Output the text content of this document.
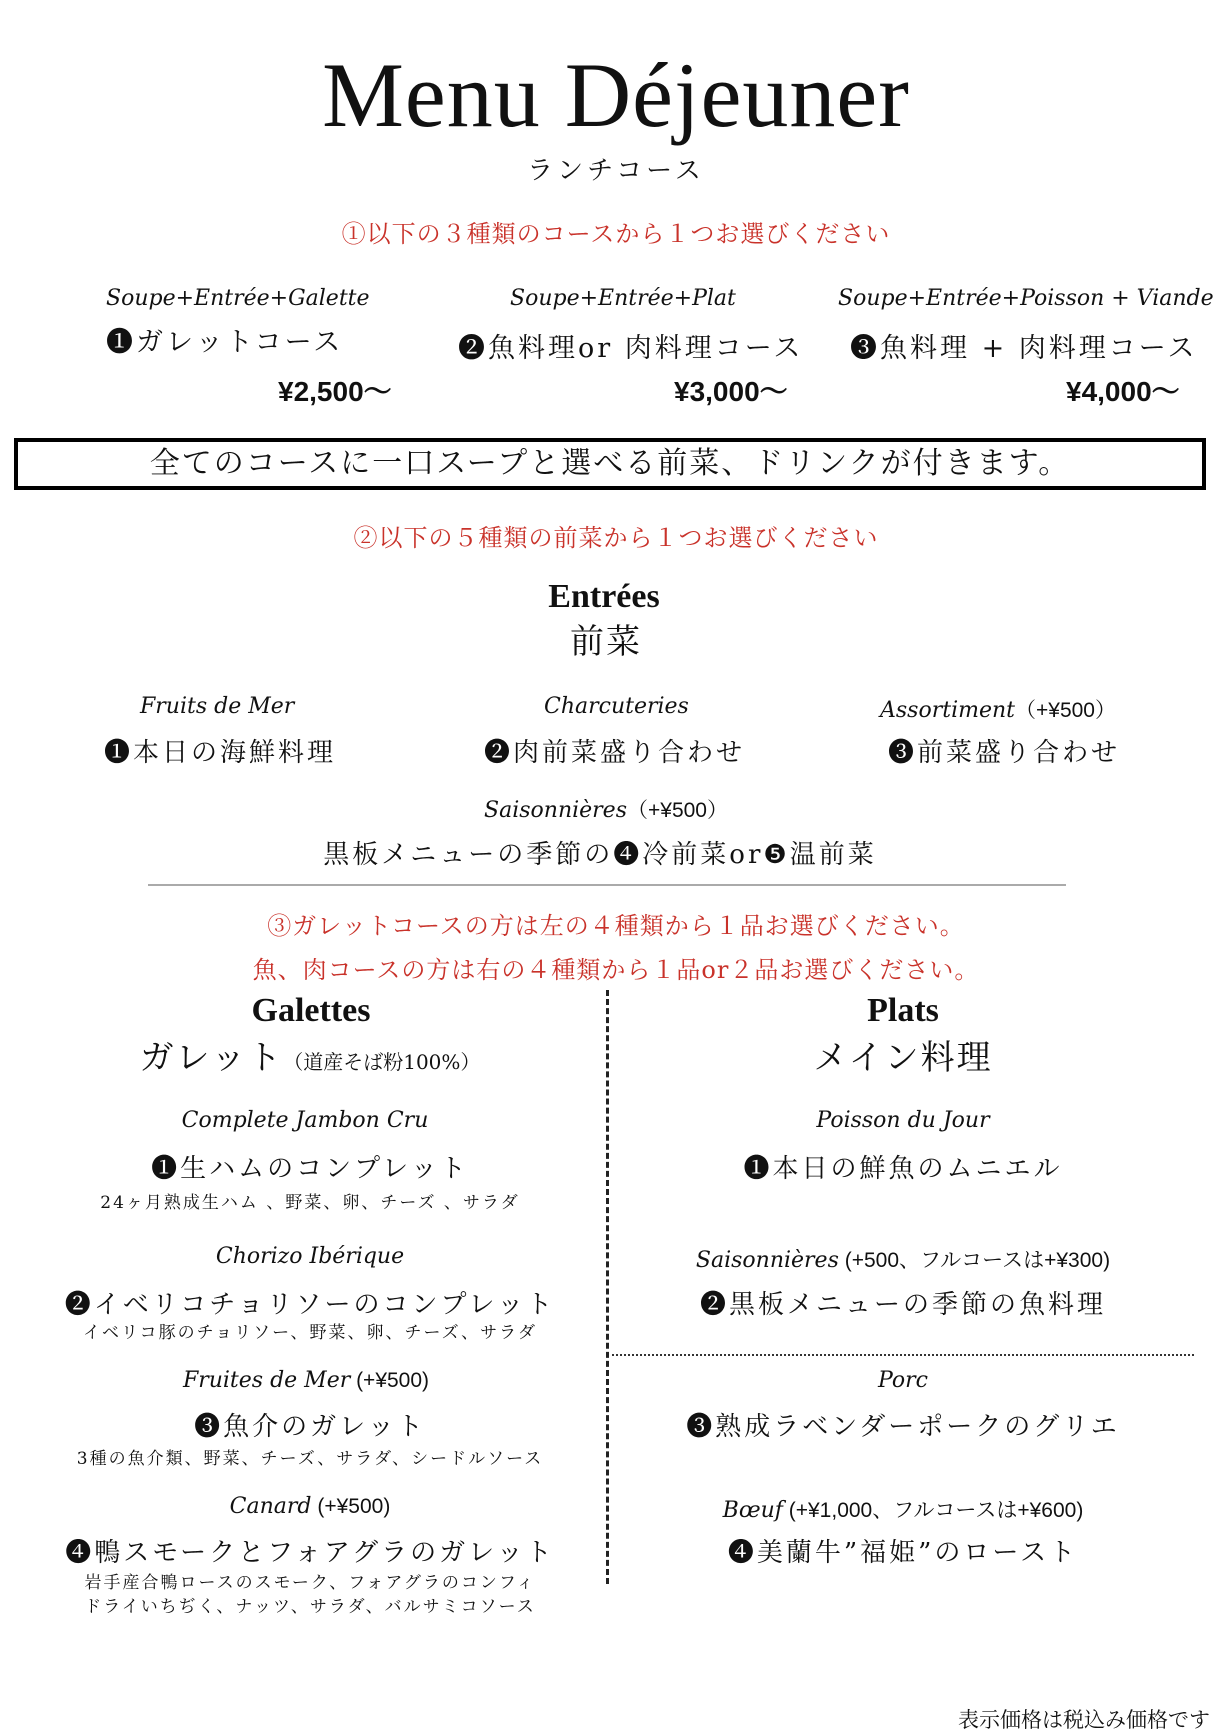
Menu Déjeuner
ランチコース
①以下の３種類のコースから１つお選びください
Soupe+Entrée+Galette
❶ガレットコース
¥2,500〜
Soupe+Entrée+Plat
❷魚料理or 肉料理コース
¥3,000〜
Soupe+Entrée+Poisson + Viande
❸魚料理 + 肉料理コース
¥4,000〜
全てのコースに一口スープと選べる前菜、ドリンクが付きます。
②以下の５種類の前菜から１つお選びください
Entrées
前菜
Fruits de Mer
❶本日の海鮮料理
Charcuteries
❷肉前菜盛り合わせ
Assortiment（+¥500）
❸前菜盛り合わせ
Saisonnières（+¥500）
黒板メニューの季節の❹冷前菜or❺温前菜
③ガレットコースの方は左の４種類から１品お選びください。
魚、肉コースの方は右の４種類から１品or２品お選びください。
Galettes
ガレット（道産そば粉100%）
Complete Jambon Cru
❶生ハムのコンプレット
24ヶ月熟成生ハム 、野菜、卵、チーズ 、サラダ
Chorizo Ibérique
❷イベリコチョリソーのコンプレット
イベリコ豚のチョリソー、野菜、卵、チーズ、サラダ
Fruites de Mer (+¥500)
❸魚介のガレット
3種の魚介類、野菜、チーズ、サラダ、シードルソース
Canard (+¥500)
❹鴨スモークとフォアグラのガレット
岩手産合鴨ロースのスモーク、フォアグラのコンフィ
ドライいちぢく、ナッツ、サラダ、バルサミコソース
Plats
メイン料理
Poisson du Jour
❶本日の鮮魚のムニエル
Saisonnières (+500、フルコースは+¥300)
❷黒板メニューの季節の魚料理
Porc
❸熟成ラベンダーポークのグリエ
Bœuf (+¥1,000、フルコースは+¥600)
❹美蘭牛”福姫”のロースト
表示価格は税込み価格です
